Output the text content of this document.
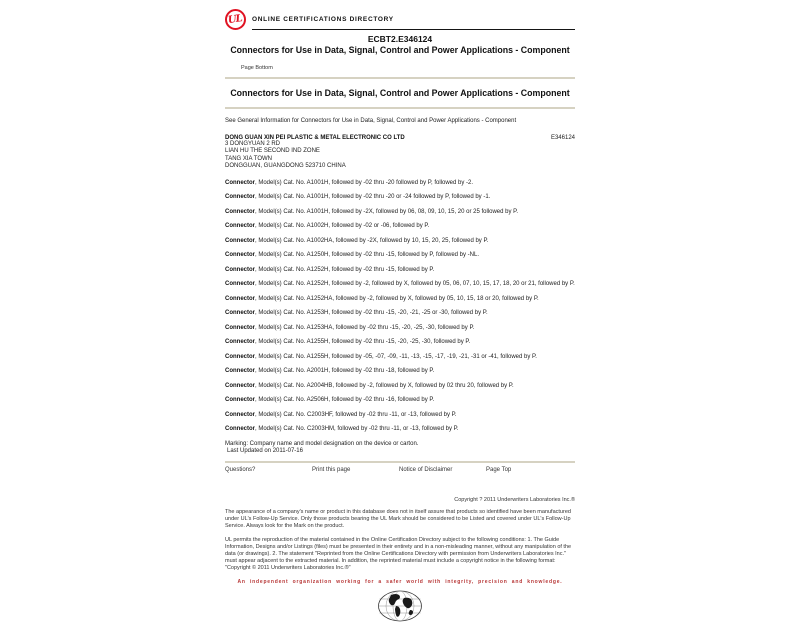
UL ONLINE CERTIFICATIONS DIRECTORY
ECBT2.E346124
Connectors for Use in Data, Signal, Control and Power Applications - Component
Page Bottom
Connectors for Use in Data, Signal, Control and Power Applications - Component
See General Information for Connectors for Use in Data, Signal, Control and Power Applications - Component
E346124
DONG GUAN XIN PEI PLASTIC & METAL ELECTRONIC CO LTD
3 DONGYUAN 2 RD
LIAN HU THE SECOND IND ZONE
TANG XIA TOWN
DONGGUAN, GUANGDONG 523710 CHINA
Connector, Model(s) Cat. No. A1001H, followed by -02 thru -20 followed by P, followed by -2.
Connector, Model(s) Cat. No. A1001H, followed by -02 thru -20 or -24 followed by P, followed by -1.
Connector, Model(s) Cat. No. A1001H, followed by -2X, followed by 06, 08, 09, 10, 15, 20 or 25 followed by P.
Connector, Model(s) Cat. No. A1002H, followed by -02 or -06, followed by P.
Connector, Model(s) Cat. No. A1002HA, followed by -2X, followed by 10, 15, 20, 25, followed by P.
Connector, Model(s) Cat. No. A1250H, followed by -02 thru -15, followed by P, followed by -NL.
Connector, Model(s) Cat. No. A1252H, followed by -02 thru -15, followed by P.
Connector, Model(s) Cat. No. A1252H, followed by -2, followed by X, followed by 05, 06, 07, 10, 15, 17, 18, 20 or 21, followed by P.
Connector, Model(s) Cat. No. A1252HA, followed by -2, followed by X, followed by 05, 10, 15, 18 or 20, followed by P.
Connector, Model(s) Cat. No. A1253H, followed by -02 thru -15, -20, -21, -25 or -30, followed by P.
Connector, Model(s) Cat. No. A1253HA, followed by -02 thru -15, -20, -25, -30, followed by P.
Connector, Model(s) Cat. No. A1255H, followed by -02 thru -15, -20, -25, -30, followed by P.
Connector, Model(s) Cat. No. A1255H, followed by -05, -07, -09, -11, -13, -15, -17, -19, -21, -31 or -41, followed by P.
Connector, Model(s) Cat. No. A2001H, followed by -02 thru -18, followed by P.
Connector, Model(s) Cat. No. A2004HB, followed by -2, followed by X, followed by 02 thru 20, followed by P.
Connector, Model(s) Cat. No. A2506H, followed by -02 thru -16, followed by P.
Connector, Model(s) Cat. No. C2003HF, followed by -02 thru -11, or -13, followed by P.
Connector, Model(s) Cat. No. C2003HM, followed by -02 thru -11, or -13, followed by P.
Marking: Company name and model designation on the device or carton.
Last Updated on 2011-07-16
Questions?	Print this page	Notice of Disclaimer	Page Top
Copyright ? 2011 Underwriters Laboratories Inc.®
The appearance of a company's name or product in this database does not in itself assure that products so identified have been manufactured under UL's Follow-Up Service. Only those products bearing the UL Mark should be considered to be Listed and covered under UL's Follow-Up Service. Always look for the Mark on the product.
UL permits the reproduction of the material contained in the Online Certification Directory subject to the following conditions: 1. The Guide Information, Designs and/or Listings (files) must be presented in their entirety and in a non-misleading manner, without any manipulation of the data (or drawings). 2. The statement "Reprinted from the Online Certifications Directory with permission from Underwriters Laboratories Inc." must appear adjacent to the extracted material. In addition, the reprinted material must include a copyright notice in the following format: "Copyright © 2011 Underwriters Laboratories Inc.®"
An independent organization working for a safer world with integrity, precision and knowledge.
